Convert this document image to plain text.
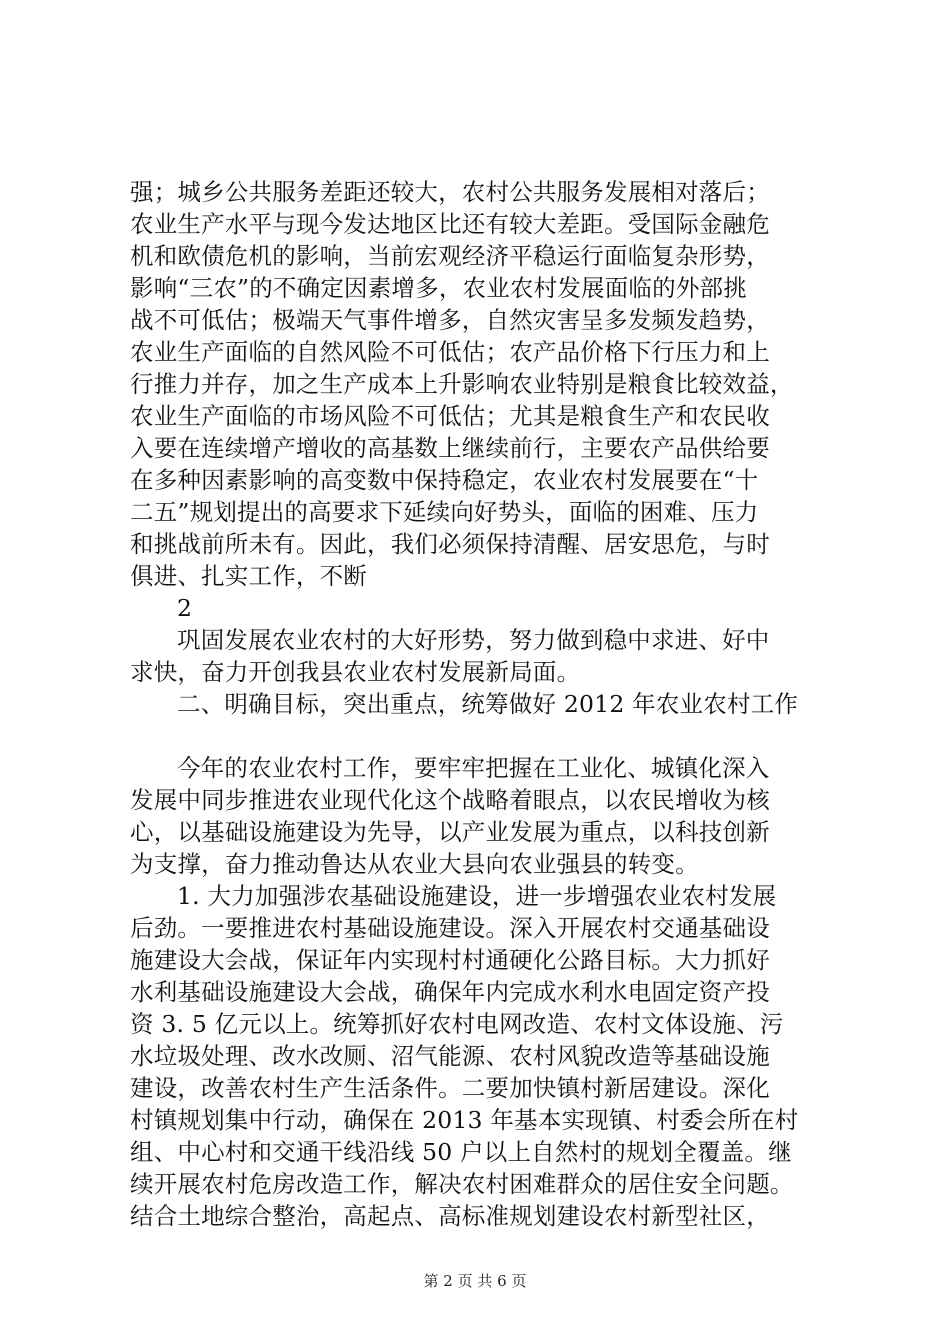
强；城乡公共服务差距还较大，农村公共服务发展相对落后；
农业生产水平与现今发达地区比还有较大差距。受国际金融危
机和欧债危机的影响，当前宏观经济平稳运行面临复杂形势，
影响“三农”的不确定因素增多，农业农村发展面临的外部挑
战不可低估；极端天气事件增多，自然灾害呈多发频发趋势，
农业生产面临的自然风险不可低估；农产品价格下行压力和上
行推力并存，加之生产成本上升影响农业特别是粮食比较效益，
农业生产面临的市场风险不可低估；尤其是粮食生产和农民收
入要在连续增产增收的高基数上继续前行，主要农产品供给要
在多种因素影响的高变数中保持稳定，农业农村发展要在“十
二五”规划提出的高要求下延续向好势头，面临的困难、压力
和挑战前所未有。因此，我们必须保持清醒、居安思危，与时
俱进、扎实工作，不断
2
巩固发展农业农村的大好形势，努力做到稳中求进、好中
求快，奋力开创我县农业农村发展新局面。
二、明确目标，突出重点，统筹做好 2012 年农业农村工作
今年的农业农村工作，要牢牢把握在工业化、城镇化深入
发展中同步推进农业现代化这个战略着眼点，以农民增收为核
心，以基础设施建设为先导，以产业发展为重点，以科技创新
为支撑，奋力推动鲁达从农业大县向农业强县的转变。
1. 大力加强涉农基础设施建设，进一步增强农业农村发展
后劲。一要推进农村基础设施建设。深入开展农村交通基础设
施建设大会战，保证年内实现村村通硬化公路目标。大力抓好
水利基础设施建设大会战，确保年内完成水利水电固定资产投
资 3. 5 亿元以上。统筹抓好农村电网改造、农村文体设施、污
水垃圾处理、改水改厕、沼气能源、农村风貌改造等基础设施
建设，改善农村生产生活条件。二要加快镇村新居建设。深化
村镇规划集中行动，确保在 2013 年基本实现镇、村委会所在村
组、中心村和交通干线沿线 50 户以上自然村的规划全覆盖。继
续开展农村危房改造工作，解决农村困难群众的居住安全问题。
结合土地综合整治，高起点、高标准规划建设农村新型社区，
第 2 页 共 6 页
